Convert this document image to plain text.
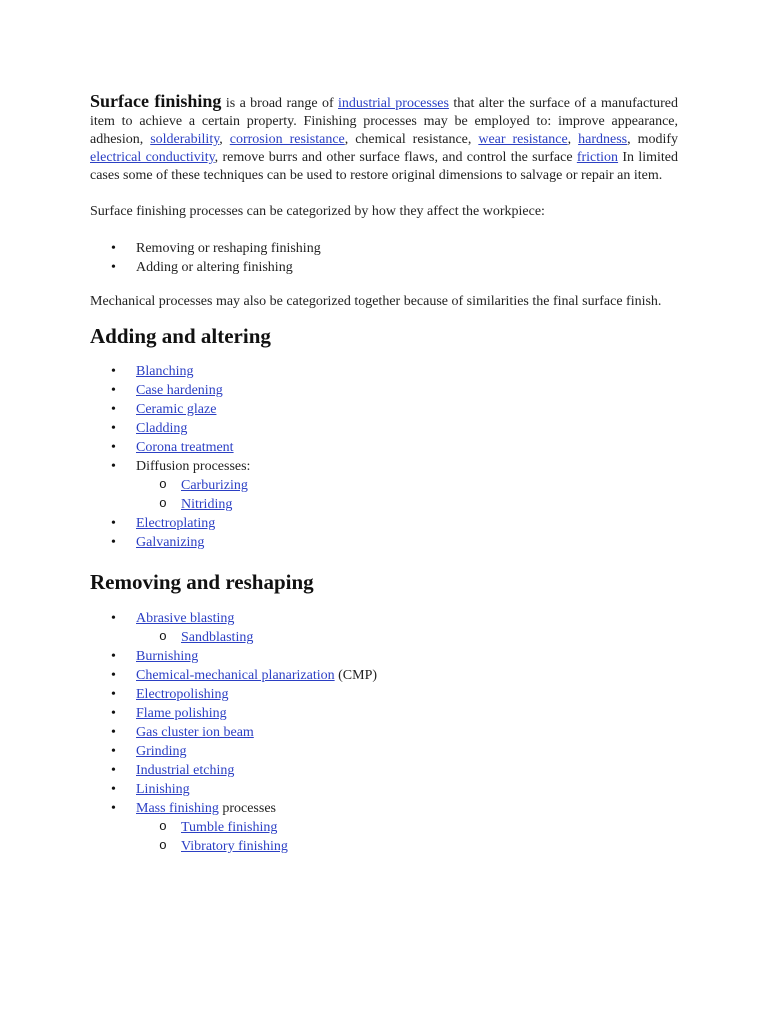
Surface finishing is a broad range of industrial processes that alter the surface of a manufactured item to achieve a certain property. Finishing processes may be employed to: improve appearance, adhesion, solderability, corrosion resistance, chemical resistance, wear resistance, hardness, modify electrical conductivity, remove burrs and other surface flaws, and control the surface friction In limited cases some of these techniques can be used to restore original dimensions to salvage or repair an item.

Surface finishing processes can be categorized by how they affect the workpiece:

• Removing or reshaping finishing
• Adding or altering finishing

Mechanical processes may also be categorized together because of similarities the final surface finish.

Adding and altering
• Blanching
• Case hardening
• Ceramic glaze
• Cladding
• Corona treatment
• Diffusion processes:
o Carburizing
o Nitriding
• Electroplating
• Galvanizing
Removing and reshaping
• Abrasive blasting
o Sandblasting
• Burnishing
• Chemical-mechanical planarization (CMP)
• Electropolishing
• Flame polishing
• Gas cluster ion beam
• Grinding
• Industrial etching
• Linishing
• Mass finishing processes
o Tumble finishing
o Vibratory finishing
